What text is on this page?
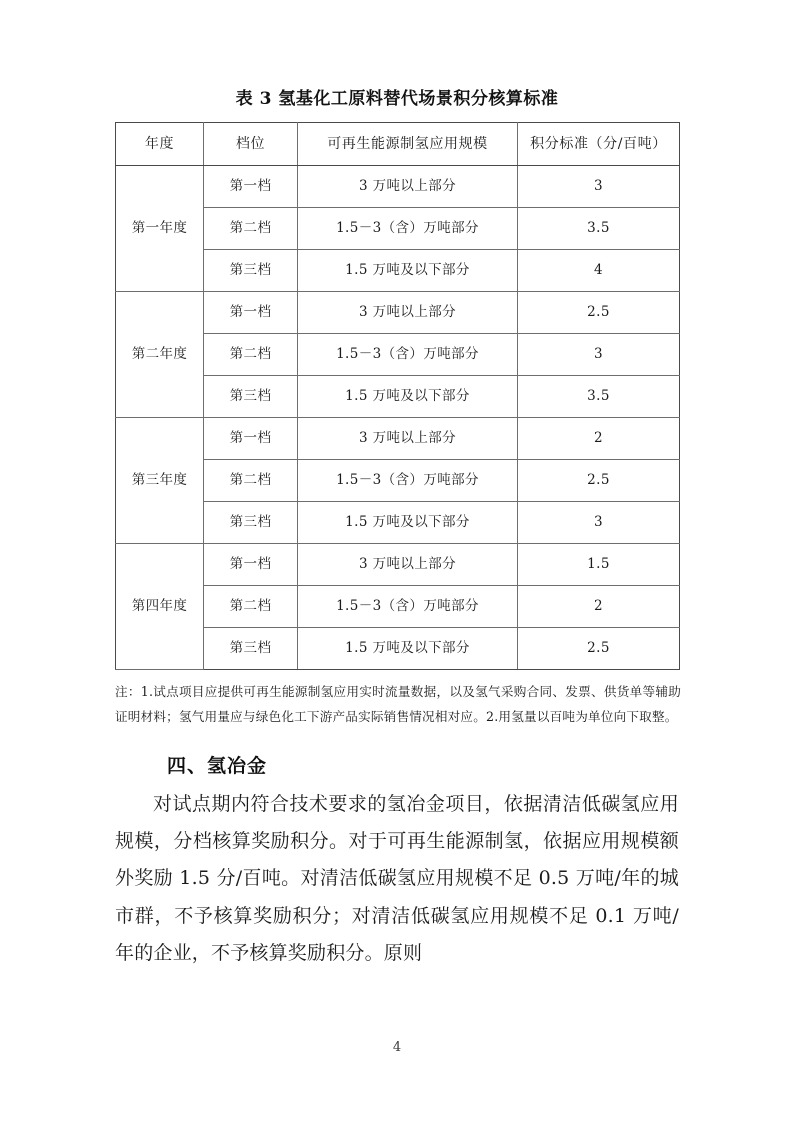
表 3 氢基化工原料替代场景积分核算标准
年度	档位	可再生能源制氢应用规模	积分标准（分/百吨）
第一年度	第一档	3 万吨以上部分	3
	第二档	1.5－3（含）万吨部分	3.5
	第三档	1.5 万吨及以下部分	4
第二年度	第一档	3 万吨以上部分	2.5
	第二档	1.5－3（含）万吨部分	3
	第三档	1.5 万吨及以下部分	3.5
第三年度	第一档	3 万吨以上部分	2
	第二档	1.5－3（含）万吨部分	2.5
	第三档	1.5 万吨及以下部分	3
第四年度	第一档	3 万吨以上部分	1.5
	第二档	1.5－3（含）万吨部分	2
	第三档	1.5 万吨及以下部分	2.5
注：1.试点项目应提供可再生能源制氢应用实时流量数据，以及氢气采购合同、发票、供货单等辅助证明材料；氢气用量应与绿色化工下游产品实际销售情况相对应。2.用氢量以百吨为单位向下取整。
四、氢冶金
对试点期内符合技术要求的氢冶金项目，依据清洁低碳氢应用规模，分档核算奖励积分。对于可再生能源制氢，依据应用规模额外奖励 1.5 分/百吨。对清洁低碳氢应用规模不足 0.5 万吨/年的城市群，不予核算奖励积分；对清洁低碳氢应用规模不足 0.1 万吨/年的企业，不予核算奖励积分。原则
4
